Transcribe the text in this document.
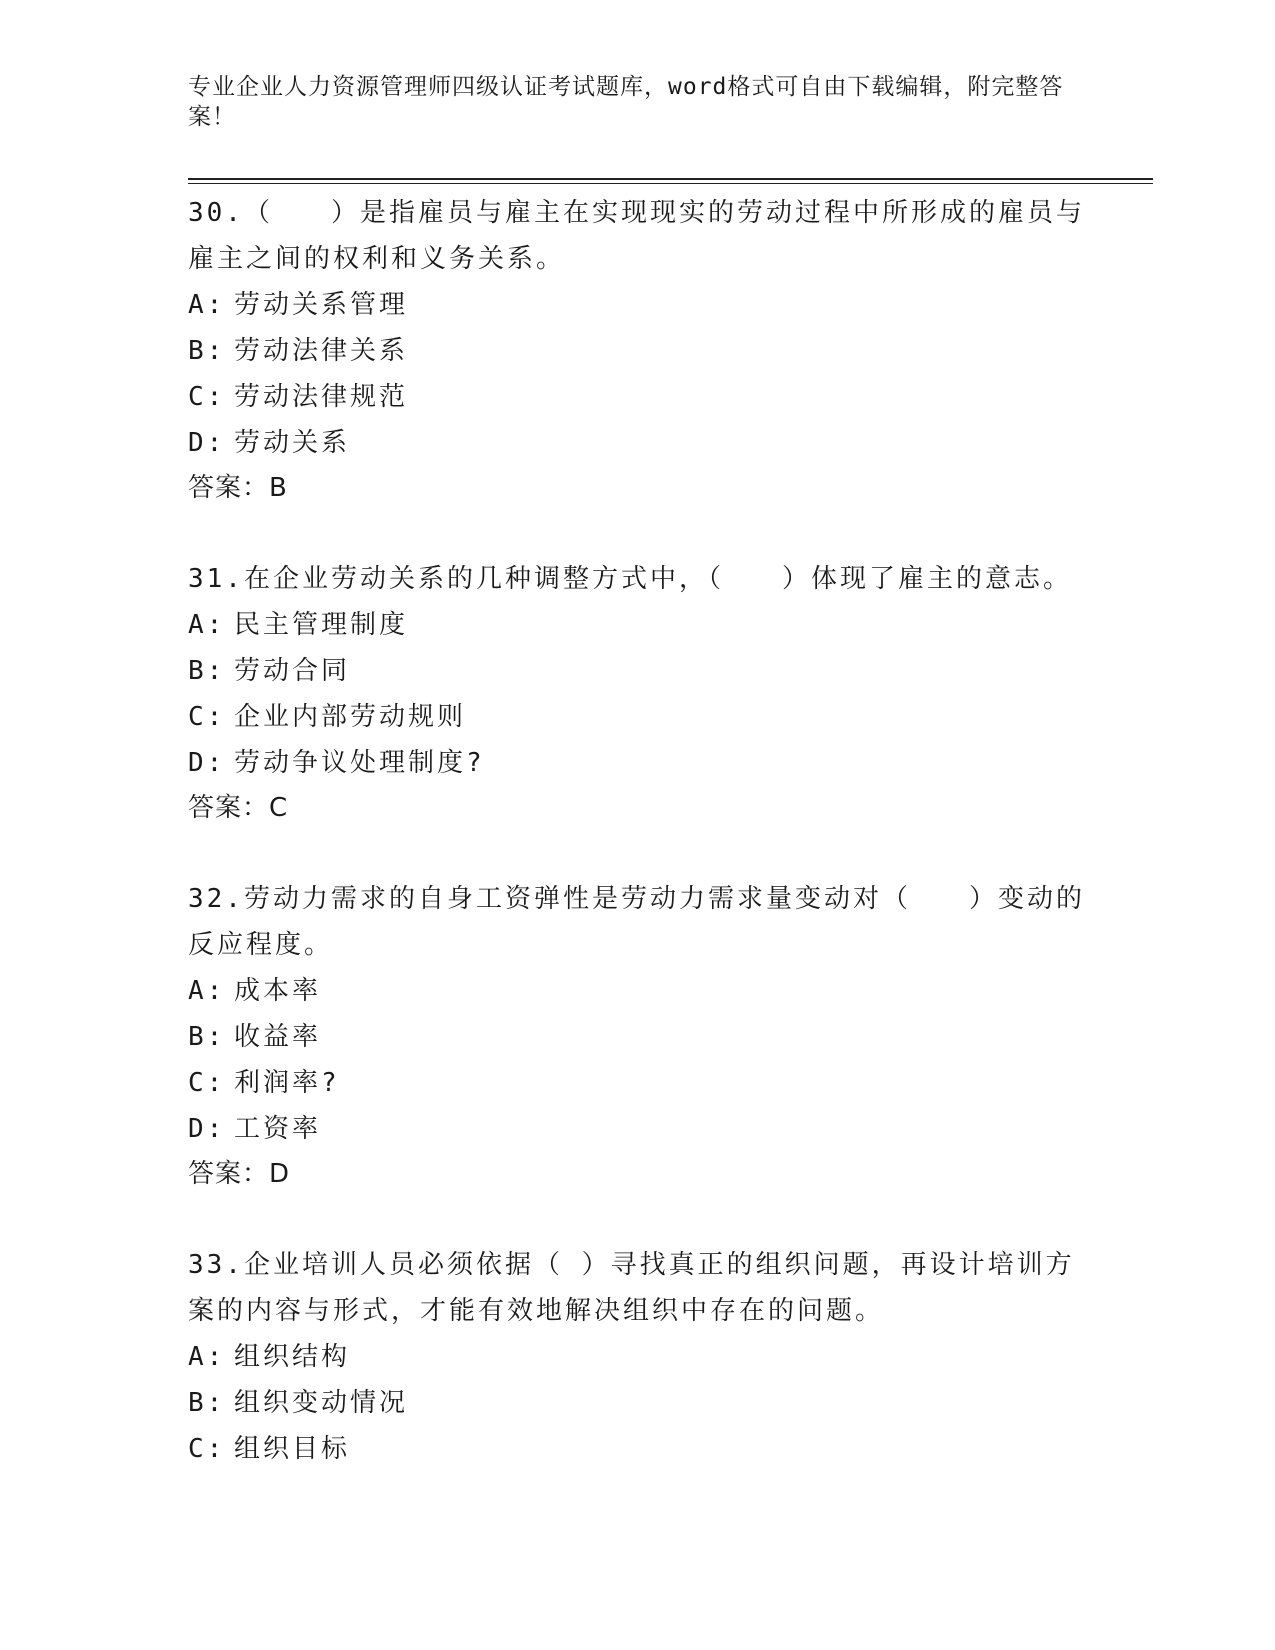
专业企业人力资源管理师四级认证考试题库，word格式可自由下载编辑，附完整答案！
30.（　　）是指雇员与雇主在实现现实的劳动过程中所形成的雇员与雇主之间的权利和义务关系。
A: 劳动关系管理
B: 劳动法律关系
C: 劳动法律规范
D: 劳动关系
答案：B
31.在企业劳动关系的几种调整方式中，（　　）体现了雇主的意志。
A: 民主管理制度
B: 劳动合同
C: 企业内部劳动规则
D: 劳动争议处理制度?
答案：C
32.劳动力需求的自身工资弹性是劳动力需求量变动对（　　）变动的反应程度。
A: 成本率
B: 收益率
C: 利润率?
D: 工资率
答案：D
33.企业培训人员必须依据（ ）寻找真正的组织问题，再设计培训方案的内容与形式，才能有效地解决组织中存在的问题。
A: 组织结构
B: 组织变动情况
C: 组织目标
